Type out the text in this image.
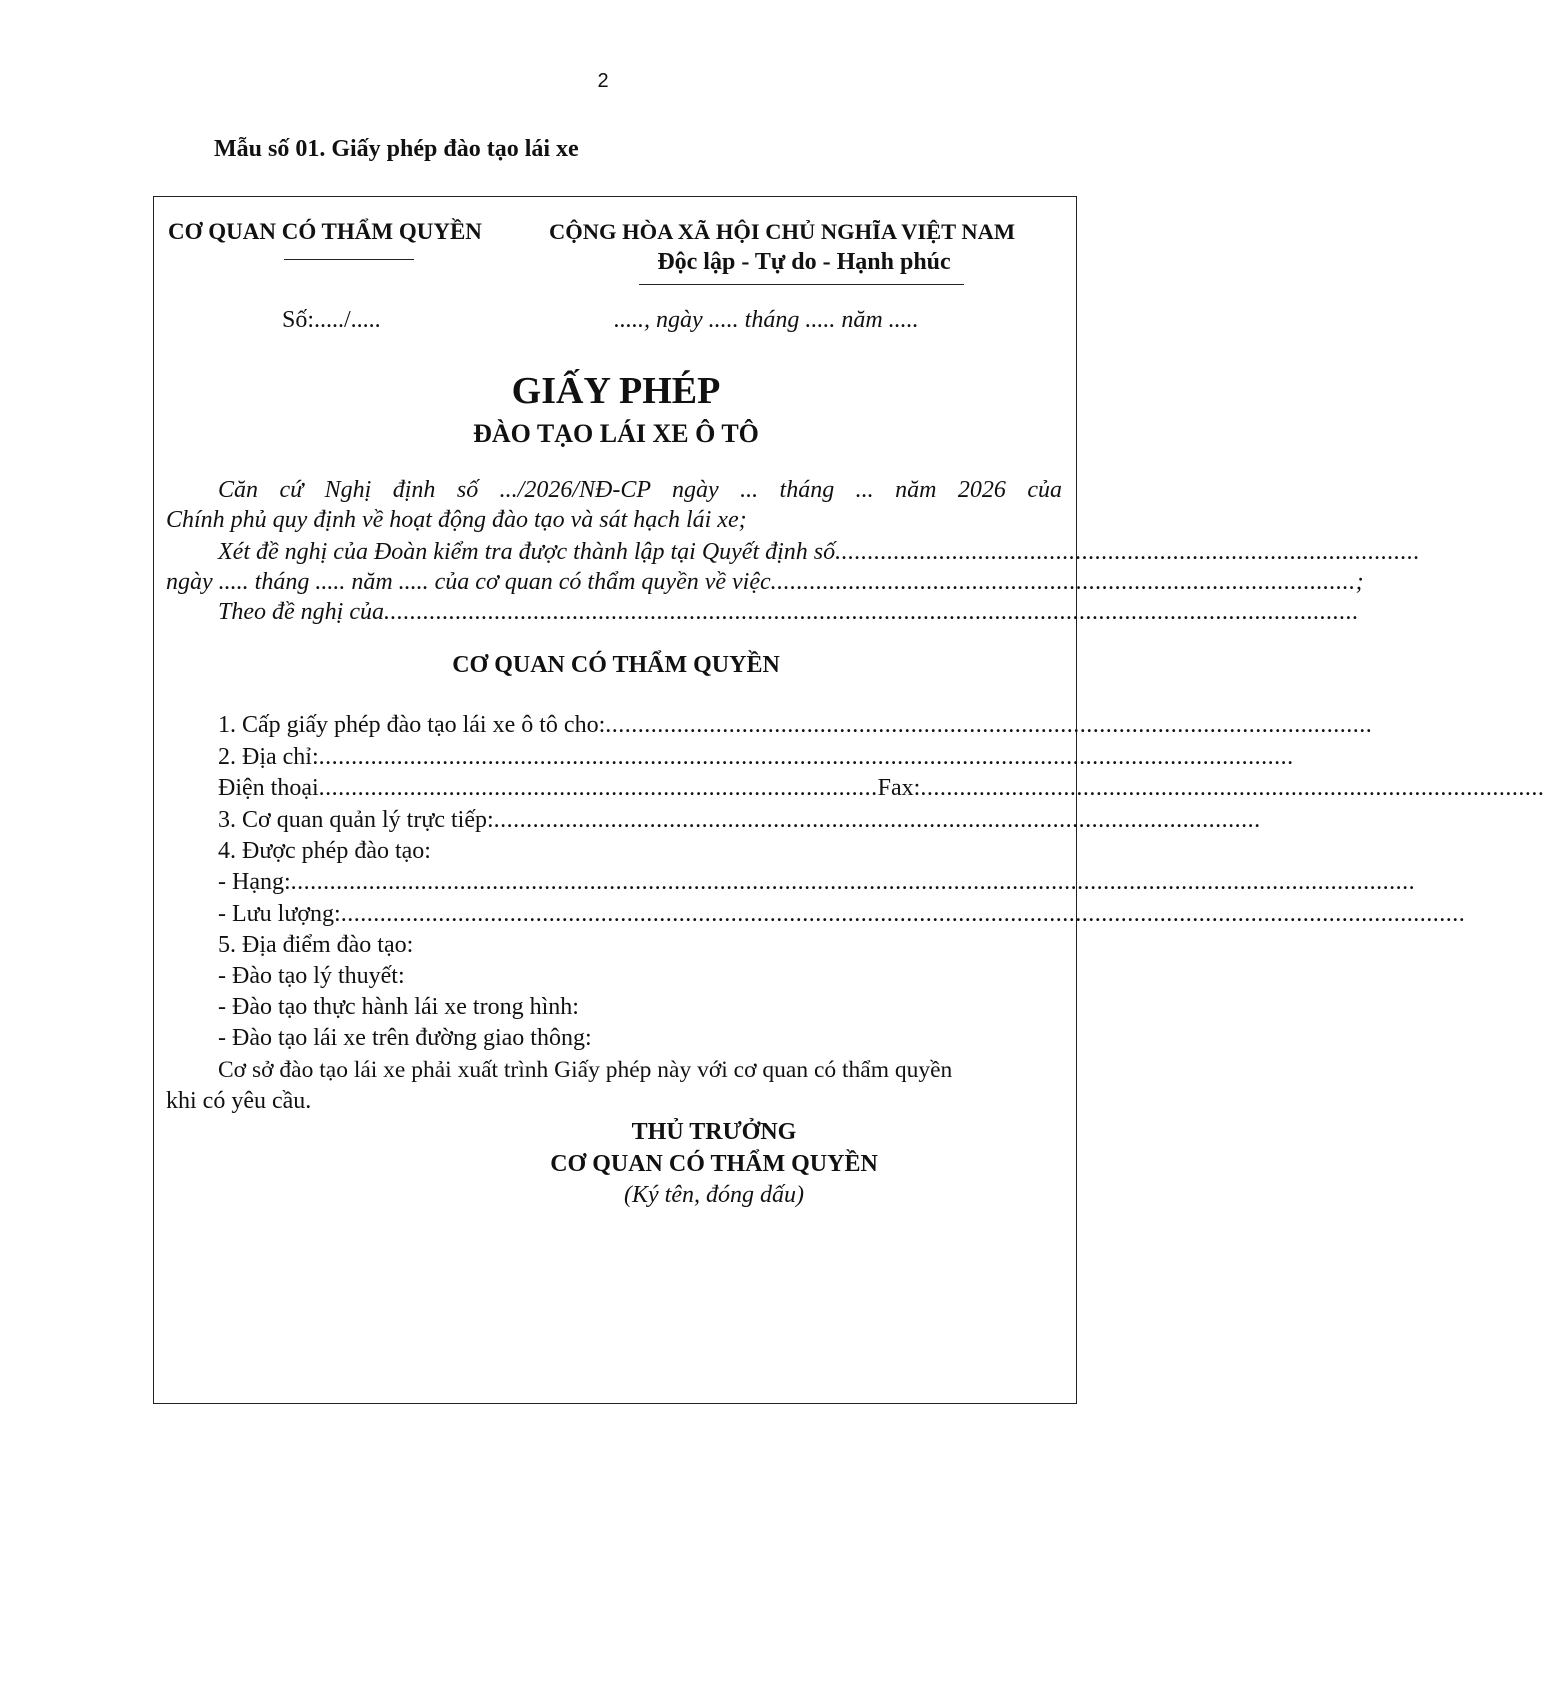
2
Mẫu số 01. Giấy phép đào tạo lái xe
CƠ QUAN CÓ THẨM QUYỀN	CỘNG HÒA XÃ HỘI CHỦ NGHĨA VIỆT NAM
Độc lập - Tự do - Hạnh phúc
Số:...../.....	....., ngày ..... tháng ..... năm .....
GIẤY PHÉP
ĐÀO TẠO LÁI XE Ô TÔ
Căn cứ Nghị định số .../2026/NĐ-CP ngày ... tháng ... năm 2026 của
Chính phủ quy định về hoạt động đào tạo và sát hạch lái xe;
Xét đề nghị của Đoàn kiểm tra được thành lập tại Quyết định số ..........................................................................................
ngày ..... tháng ..... năm ..... của cơ quan có thẩm quyền về việc .......................................................................................... ;
Theo đề nghị của ......................................................................................................................................................
CƠ QUAN CÓ THẨM QUYỀN
1. Cấp giấy phép đào tạo lái xe ô tô cho: ......................................................................................................................
2. Địa chỉ: ......................................................................................................................................................
Điện thoại ...................................................................................... Fax: ................................................................................................
3. Cơ quan quản lý trực tiếp: ......................................................................................................................
4. Được phép đào tạo:
- Hạng: .............................................................................................................................................................................
- Lưu lượng: .............................................................................................................................................................................
5. Địa điểm đào tạo:
- Đào tạo lý thuyết:
- Đào tạo thực hành lái xe trong hình:
- Đào tạo lái xe trên đường giao thông:
Cơ sở đào tạo lái xe phải xuất trình Giấy phép này với cơ quan có thẩm quyền
khi có yêu cầu.
THỦ TRƯỞNG
CƠ QUAN CÓ THẨM QUYỀN
(Ký tên, đóng dấu)
